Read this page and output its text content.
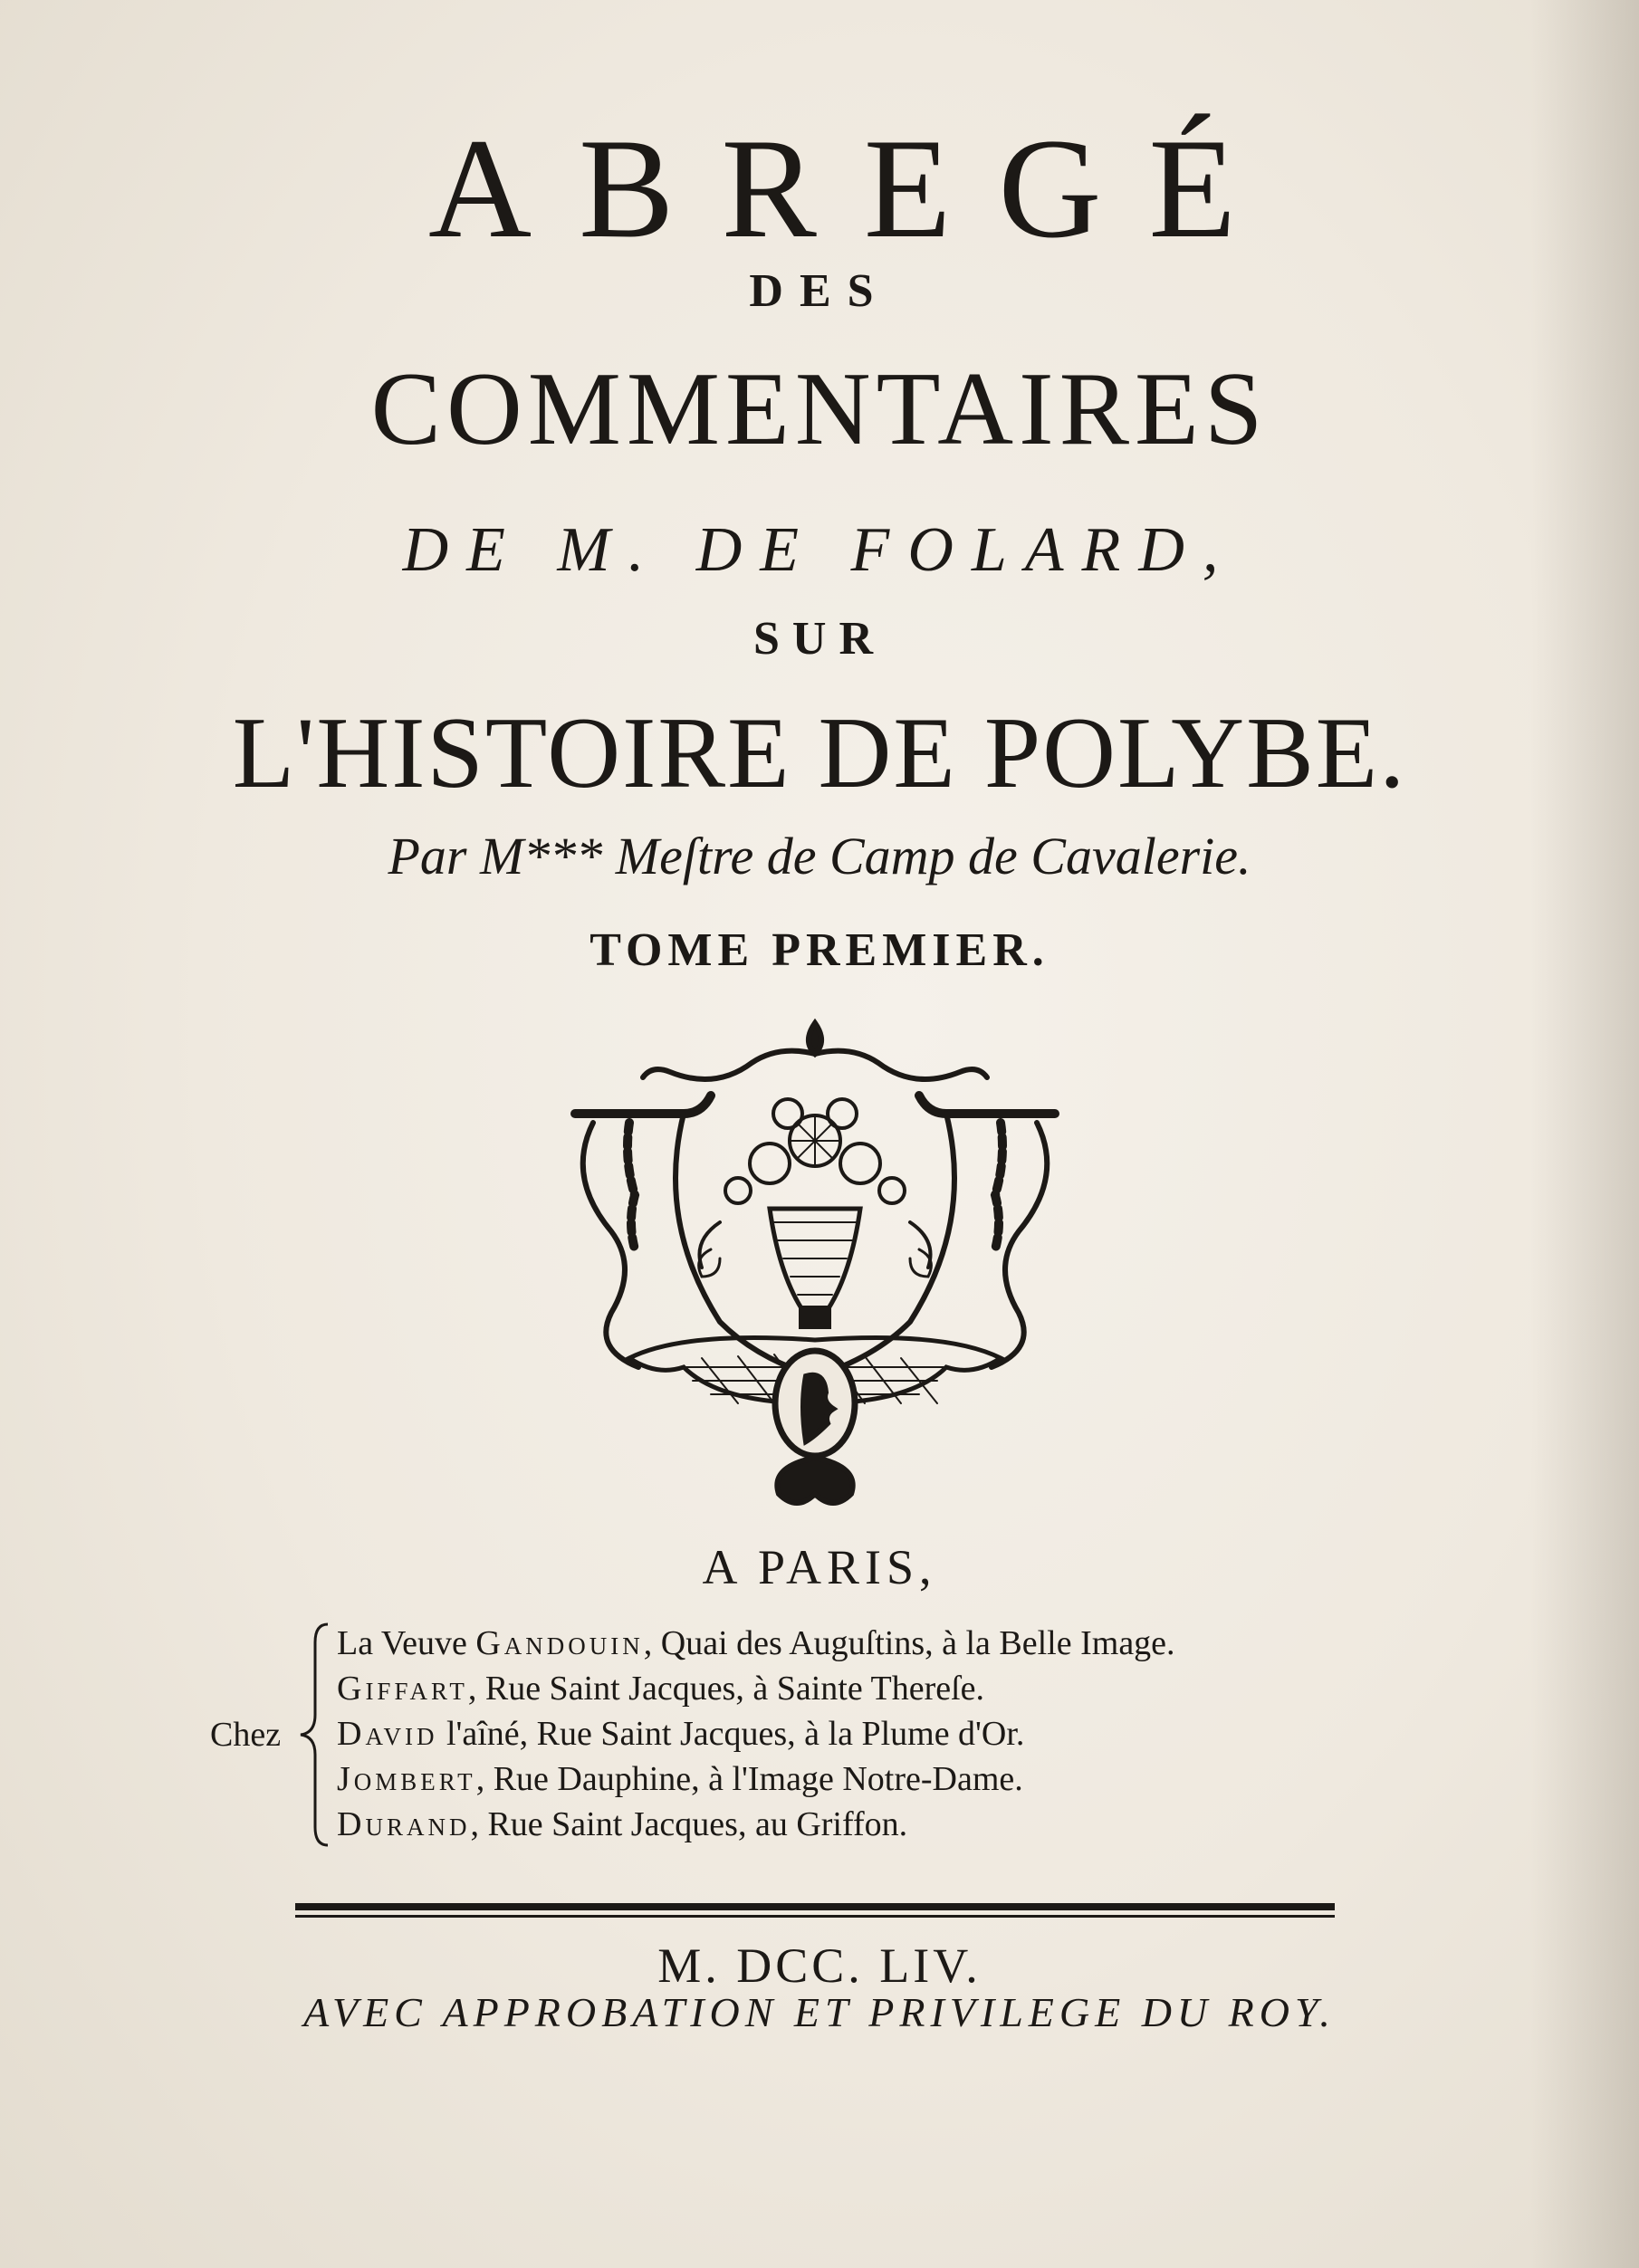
ABREGÉ
DES
COMMENTAIRES
DE M. DE FOLARD,
SUR
L'HISTOIRE DE POLYBE.
Par M*** Meſtre de Camp de Cavalerie.
TOME PREMIER.
A PARIS,
Chez
La Veuve Gandouin, Quai des Auguſtins, à la Belle Image.
Giffart, Rue Saint Jacques, à Sainte Thereſe.
David l'aîné, Rue Saint Jacques, à la Plume d'Or.
Jombert, Rue Dauphine, à l'Image Notre-Dame.
Durand, Rue Saint Jacques, au Griffon.
M. DCC. LIV.
AVEC APPROBATION ET PRIVILEGE DU ROY.
